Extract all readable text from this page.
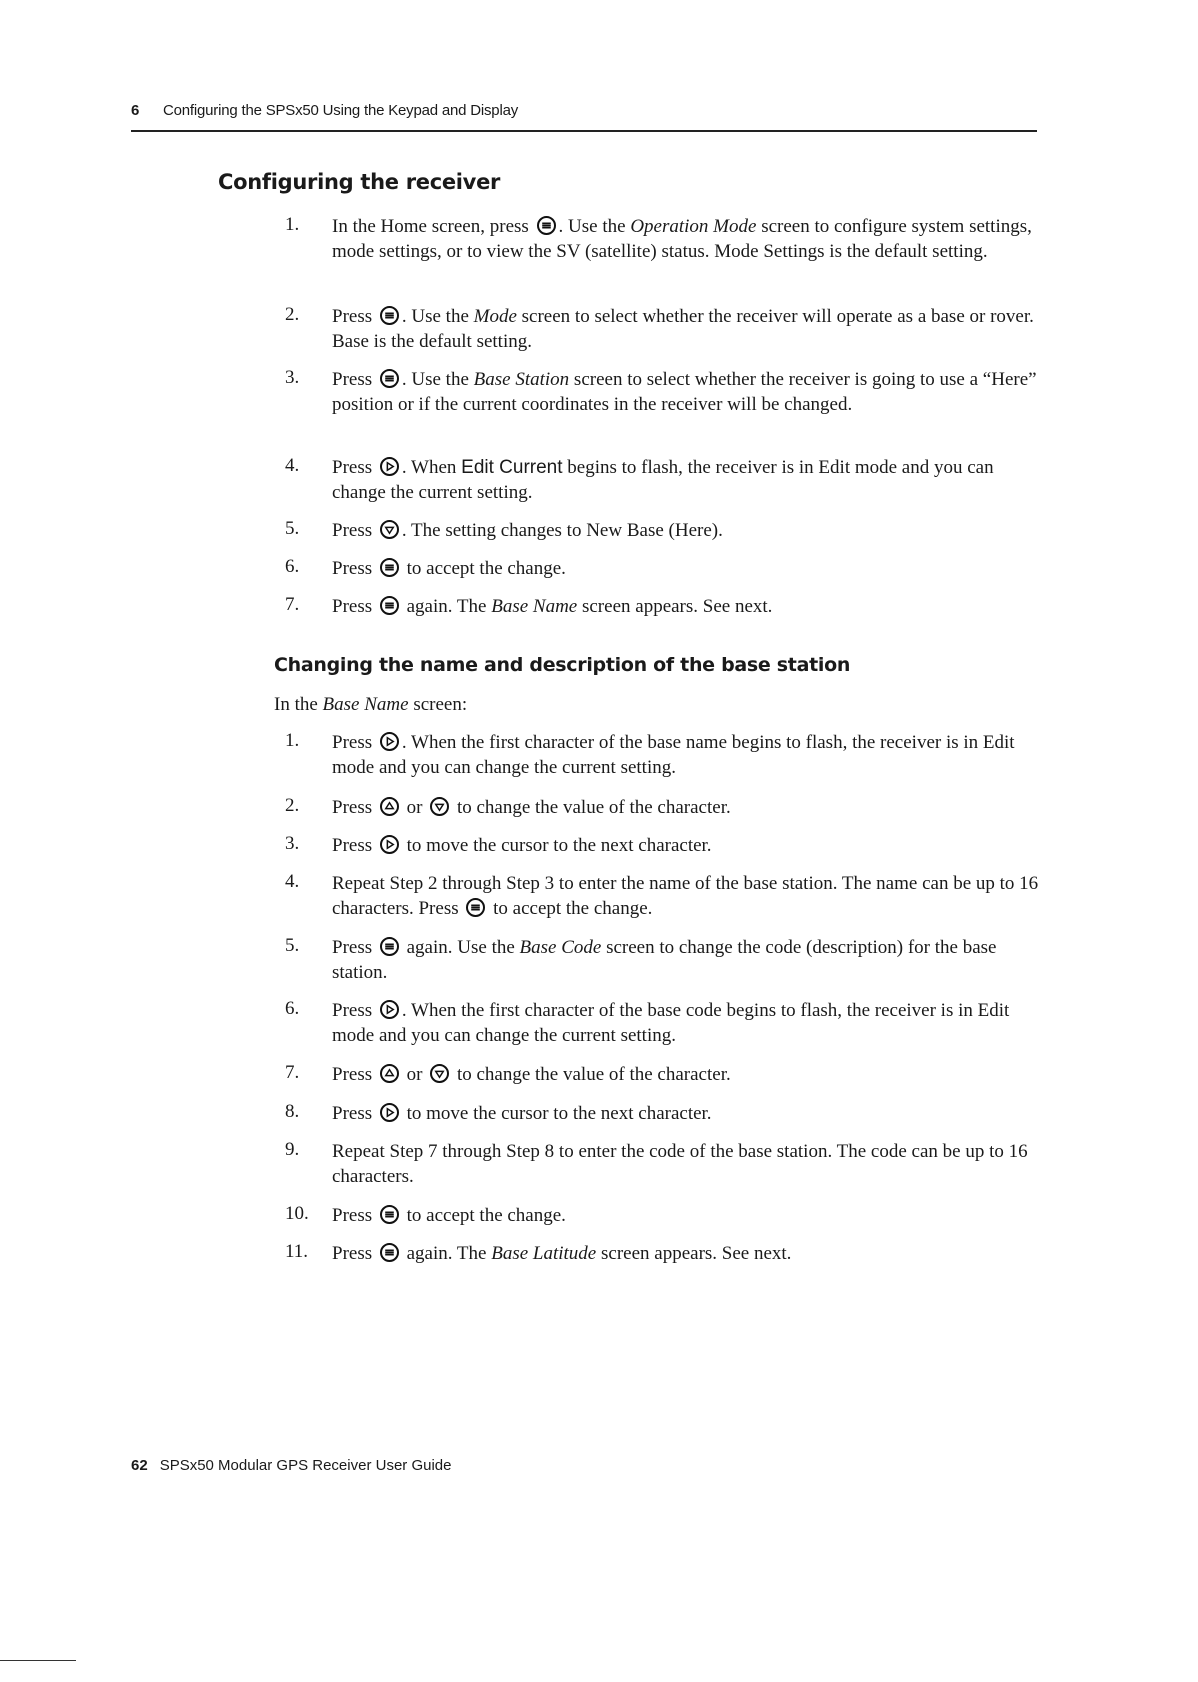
6 Configuring the SPSx50 Using the Keypad and Display
Configuring the receiver
1. In the Home screen, press . Use the Operation Mode screen to configure system settings, mode settings, or to view the SV (satellite) status. Mode Settings is the default setting.
2. Press . Use the Mode screen to select whether the receiver will operate as a base or rover. Base is the default setting.
3. Press . Use the Base Station screen to select whether the receiver is going to use a “Here” position or if the current coordinates in the receiver will be changed.
4. Press . When Edit Current begins to flash, the receiver is in Edit mode and you can change the current setting.
5. Press . The setting changes to New Base (Here).
6. Press to accept the change.
7. Press again. The Base Name screen appears. See next.
Changing the name and description of the base station
In the Base Name screen:
1. Press . When the first character of the base name begins to flash, the receiver is in Edit mode and you can change the current setting.
2. Press or to change the value of the character.
3. Press to move the cursor to the next character.
4. Repeat Step 2 through Step 3 to enter the name of the base station. The name can be up to 16 characters. Press to accept the change.
5. Press again. Use the Base Code screen to change the code (description) for the base station.
6. Press . When the first character of the base code begins to flash, the receiver is in Edit mode and you can change the current setting.
7. Press or to change the value of the character.
8. Press to move the cursor to the next character.
9. Repeat Step 7 through Step 8 to enter the code of the base station. The code can be up to 16 characters.
10. Press to accept the change.
11. Press again. The Base Latitude screen appears. See next.
62 SPSx50 Modular GPS Receiver User Guide
